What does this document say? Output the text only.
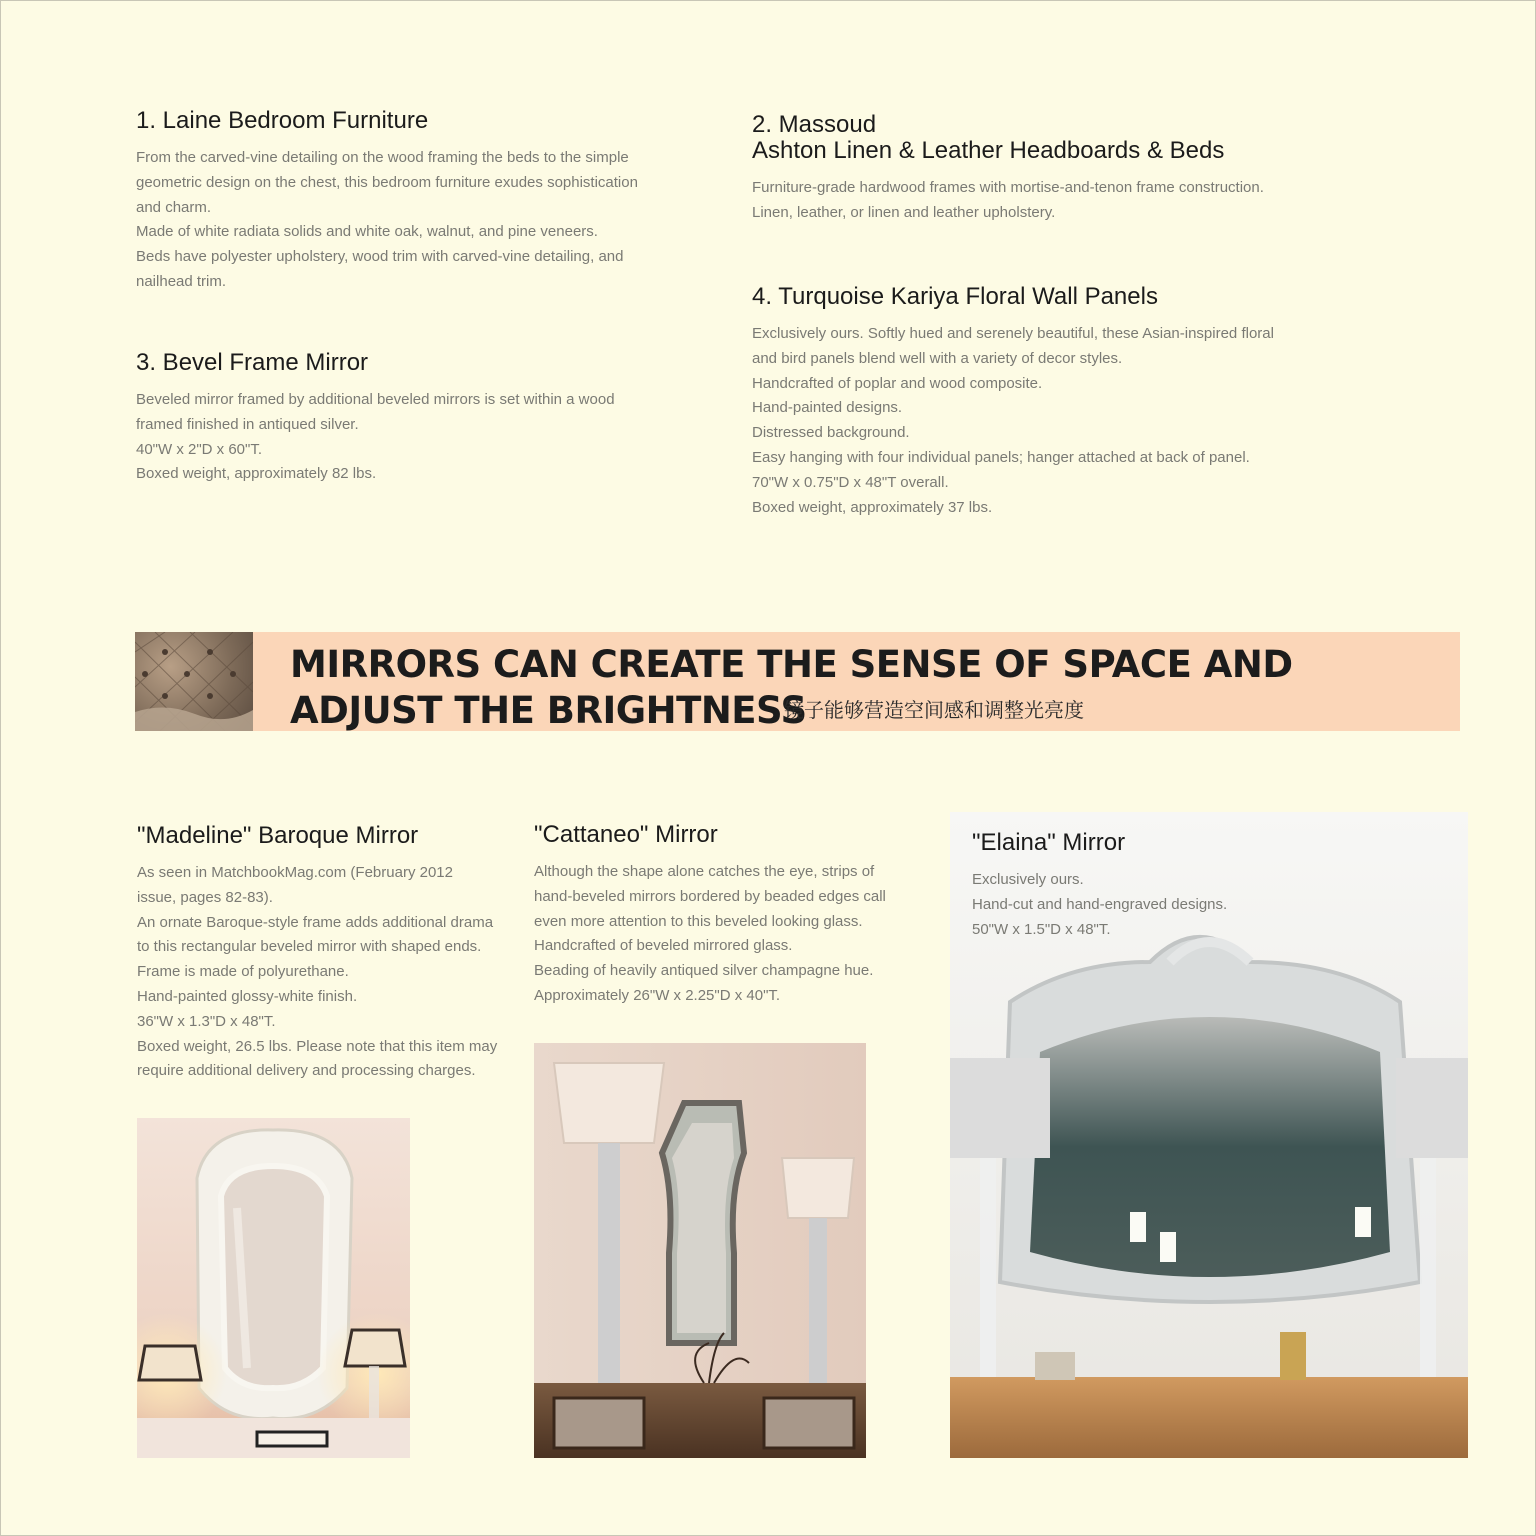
1. Laine Bedroom Furniture
From the carved-vine detailing on the wood framing the beds to the simple
geometric design on the chest, this bedroom furniture exudes sophistication
and charm.
Made of white radiata solids and white oak, walnut, and pine veneers.
Beds have polyester upholstery, wood trim with carved-vine detailing, and
nailhead trim.
2. Massoud
Ashton Linen & Leather Headboards & Beds
Furniture-grade hardwood frames with mortise-and-tenon frame construction.
Linen, leather, or linen and leather upholstery.
3. Bevel Frame Mirror
Beveled mirror framed by additional beveled mirrors is set within a wood
framed finished in antiqued silver.
40"W x 2"D x 60"T.
Boxed weight, approximately 82 lbs.
4. Turquoise Kariya Floral Wall Panels
Exclusively ours. Softly hued and serenely beautiful, these Asian-inspired floral
and bird panels blend well with a variety of decor styles.
Handcrafted of poplar and wood composite.
Hand-painted designs.
Distressed background.
Easy hanging with four individual panels; hanger attached at back of panel.
70"W x 0.75"D x 48"T overall.
Boxed weight, approximately 37 lbs.
MIRRORS CAN CREATE THE SENSE OF SPACE AND
ADJUST THE BRIGHTNESS
镜子能够营造空间感和调整光亮度
"Madeline" Baroque Mirror
As seen in MatchbookMag.com (February 2012
issue, pages 82-83).
An ornate Baroque-style frame adds additional drama
to this rectangular beveled mirror with shaped ends.
Frame is made of polyurethane.
Hand-painted glossy-white finish.
36"W x 1.3"D x 48"T.
Boxed weight, 26.5 lbs. Please note that this item may
require additional delivery and processing charges.
"Cattaneo" Mirror
Although the shape alone catches the eye, strips of
hand-beveled mirrors bordered by beaded edges call
even more attention to this beveled looking glass.
Handcrafted of beveled mirrored glass.
Beading of heavily antiqued silver champagne hue.
Approximately 26"W x 2.25"D x 40"T.
"Elaina" Mirror
Exclusively ours.
Hand-cut and hand-engraved designs.
50"W x 1.5"D x 48"T.
